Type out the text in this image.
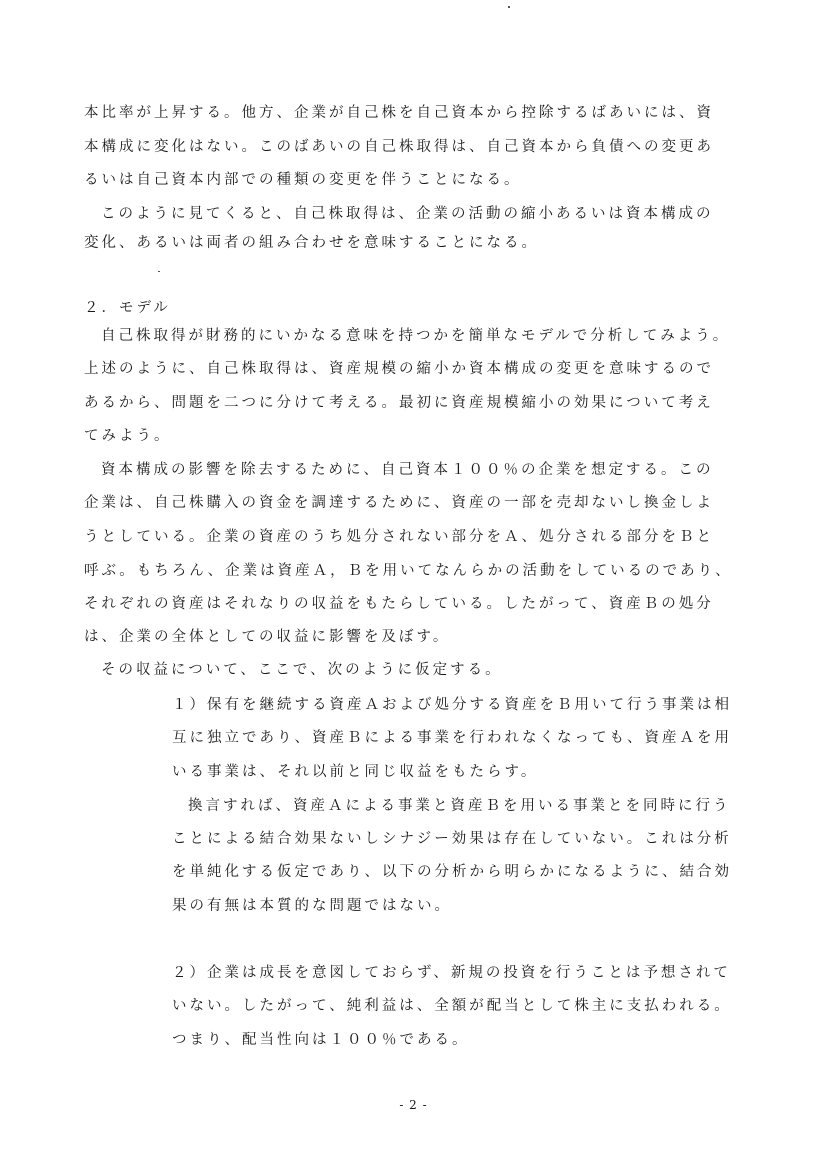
本比率が上昇する。他方、企業が自己株を自己資本から控除するばあいには、資

本構成に変化はない。このばあいの自己株取得は、自己資本から負債への変更あ

るいは自己資本内部での種類の変更を伴うことになる。

このように見てくると、自己株取得は、企業の活動の縮小あるいは資本構成の

変化、あるいは両者の組み合わせを意味することになる。

２．モデル

自己株取得が財務的にいかなる意味を持つかを簡単なモデルで分析してみよう。

上述のように、自己株取得は、資産規模の縮小か資本構成の変更を意味するので

あるから、問題を二つに分けて考える。最初に資産規模縮小の効果について考え

てみよう。

資本構成の影響を除去するために、自己資本１００％の企業を想定する。この

企業は、自己株購入の資金を調達するために、資産の一部を売却ないし換金しよ

うとしている。企業の資産のうち処分されない部分をＡ、処分される部分をＢと

呼ぶ。もちろん、企業は資産Ａ，Ｂを用いてなんらかの活動をしているのであり、

それぞれの資産はそれなりの収益をもたらしている。したがって、資産Ｂの処分

は、企業の全体としての収益に影響を及ぼす。

その収益について、ここで、次のように仮定する。

１）保有を継続する資産Ａおよび処分する資産をＢ用いて行う事業は相

互に独立であり、資産Ｂによる事業を行われなくなっても、資産Ａを用

いる事業は、それ以前と同じ収益をもたらす。

換言すれば、資産Ａによる事業と資産Ｂを用いる事業とを同時に行う

ことによる結合効果ないしシナジー効果は存在していない。これは分析

を単純化する仮定であり、以下の分析から明らかになるように、結合効

果の有無は本質的な問題ではない。

２）企業は成長を意図しておらず、新規の投資を行うことは予想されて

いない。したがって、純利益は、全額が配当として株主に支払われる。

つまり、配当性向は１００％である。

- 2 -
